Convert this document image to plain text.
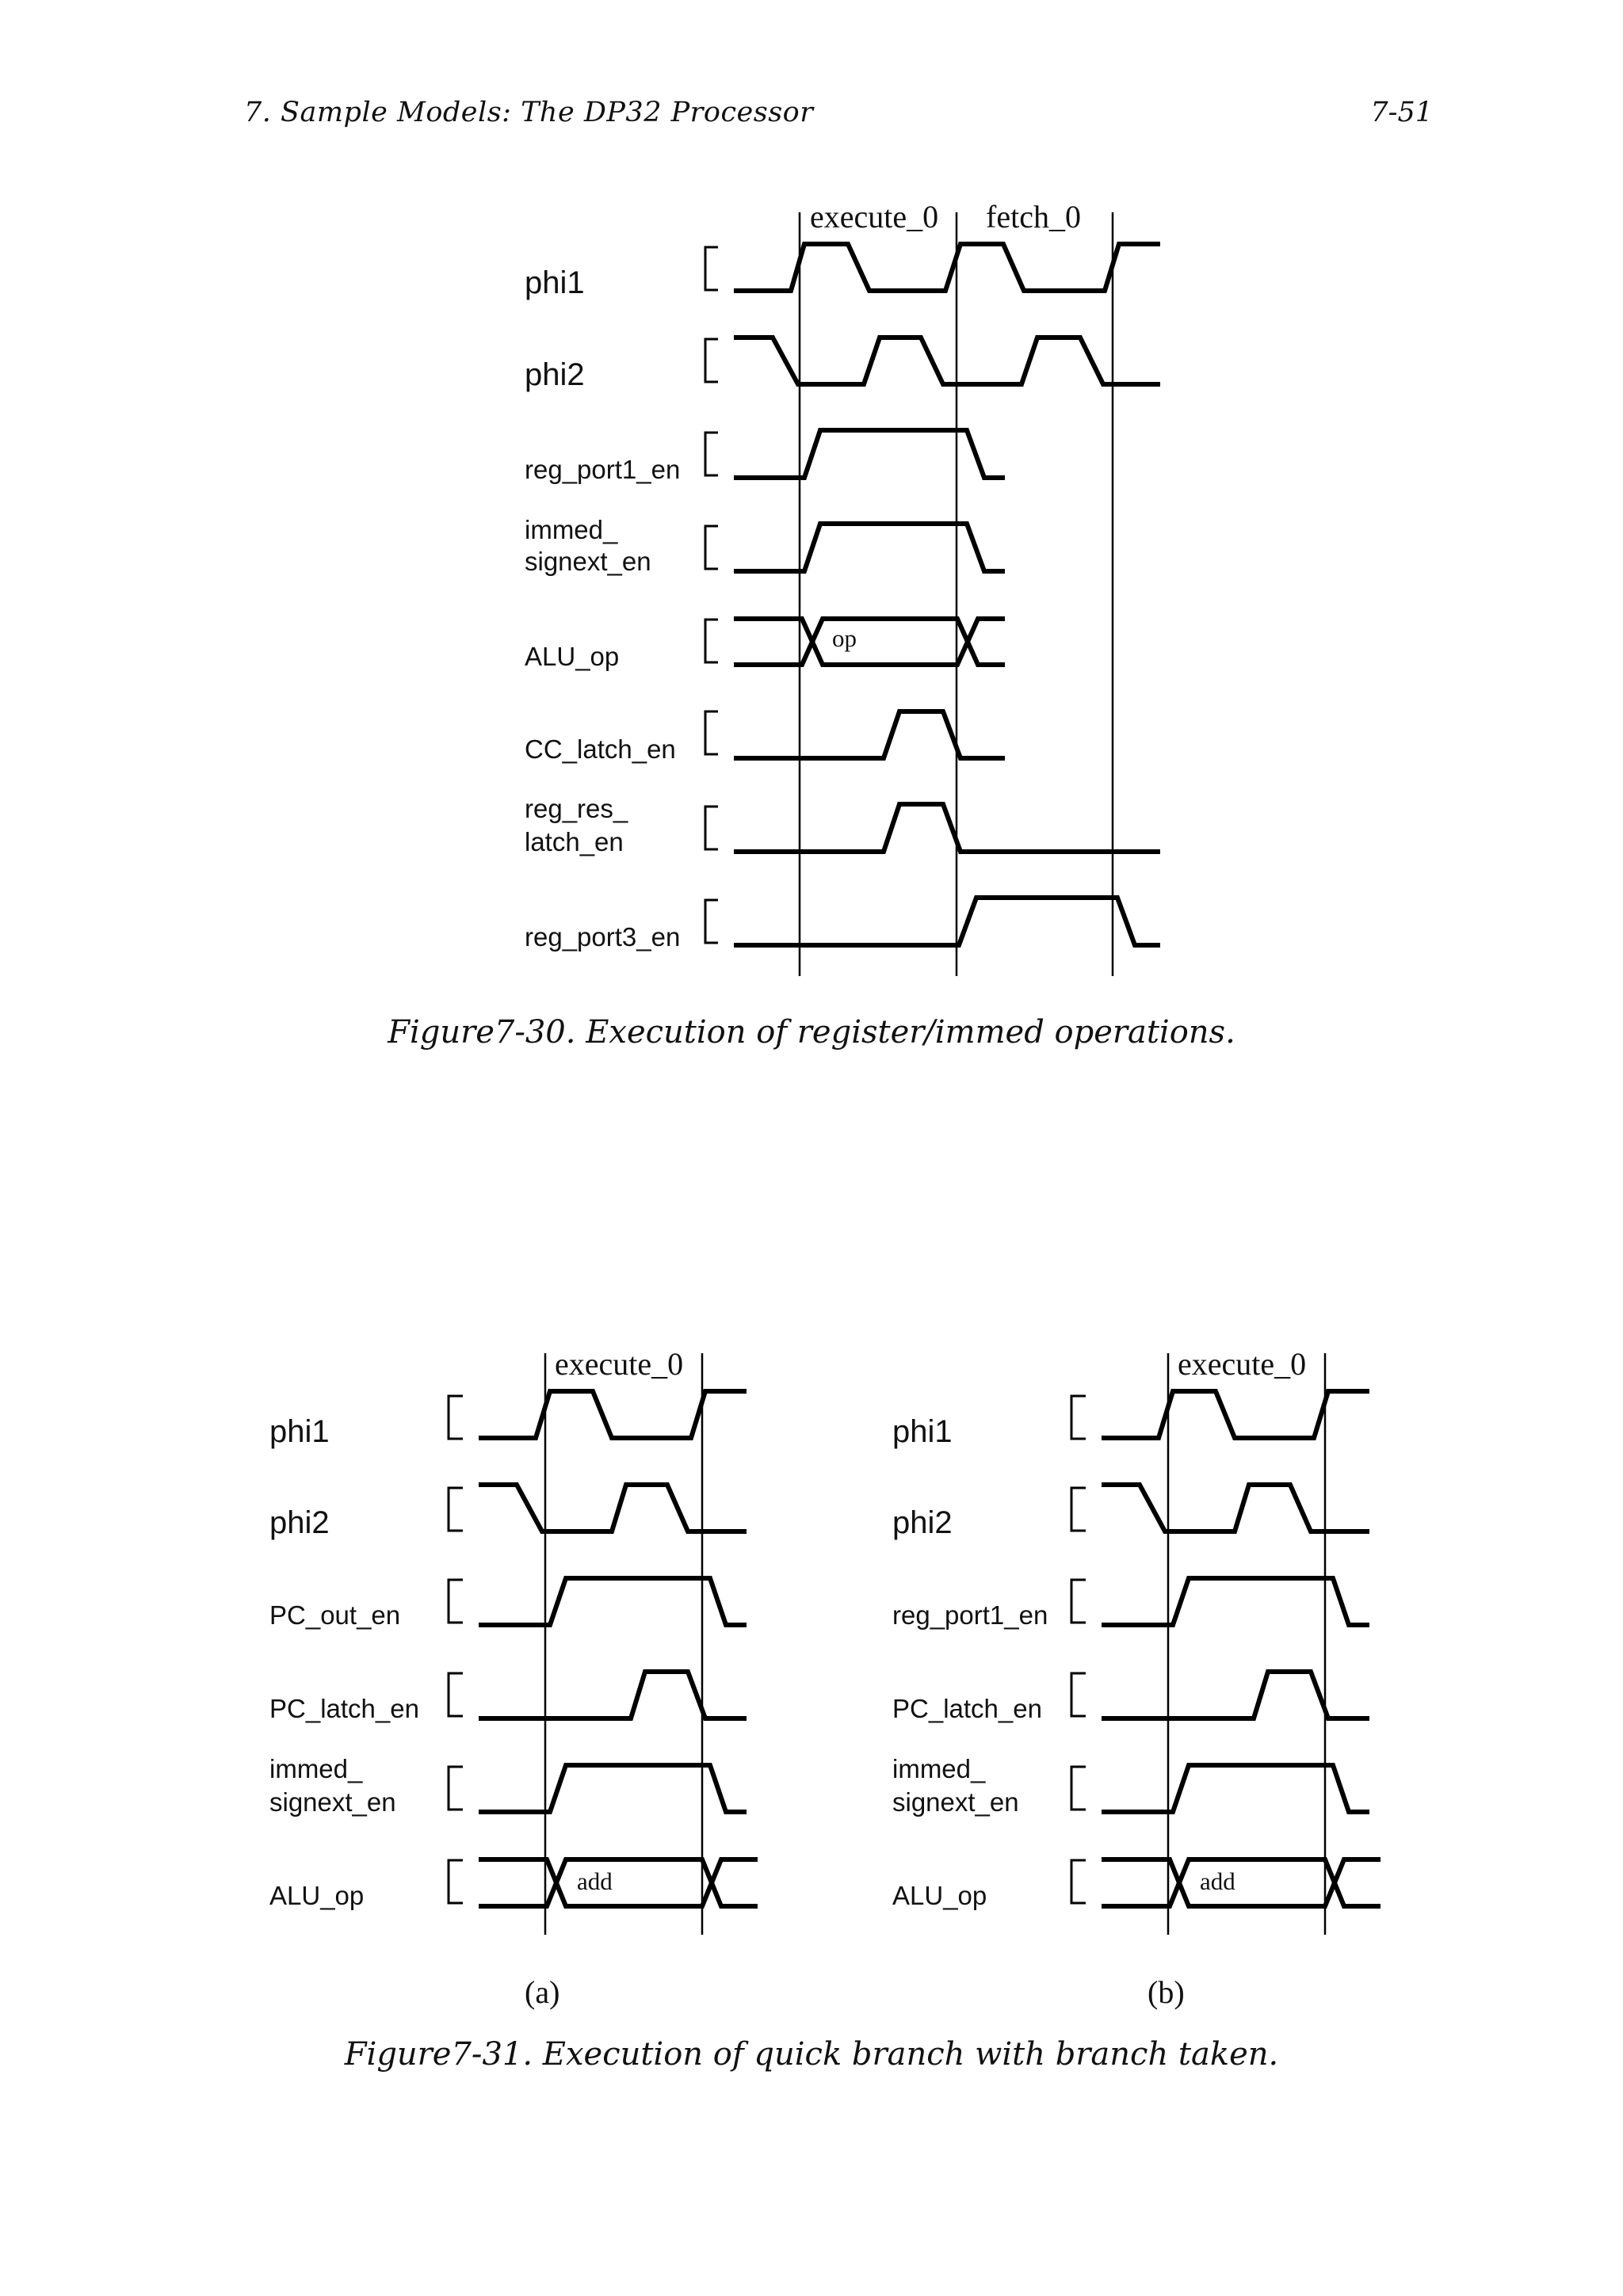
7. Sample Models: The DP32 Processor	7-51
execute_0 fetch_0
phi1
phi2
reg_port1_en
immed_
signext_en
ALU_op
CC_latch_en
reg_res_
latch_en
reg_port3_en
op
execute_0
phi1
phi2
PC_out_en
PC_latch_en
immed_
signext_en
ALU_op	add
(a)
execute_0
phi1
phi2
reg_port1_en
PC_latch_en
immed_
signext_en
ALU_op	add
(b)
Figure7-30. Execution of register/immed operations.
Figure7-31. Execution of quick branch with branch taken.
